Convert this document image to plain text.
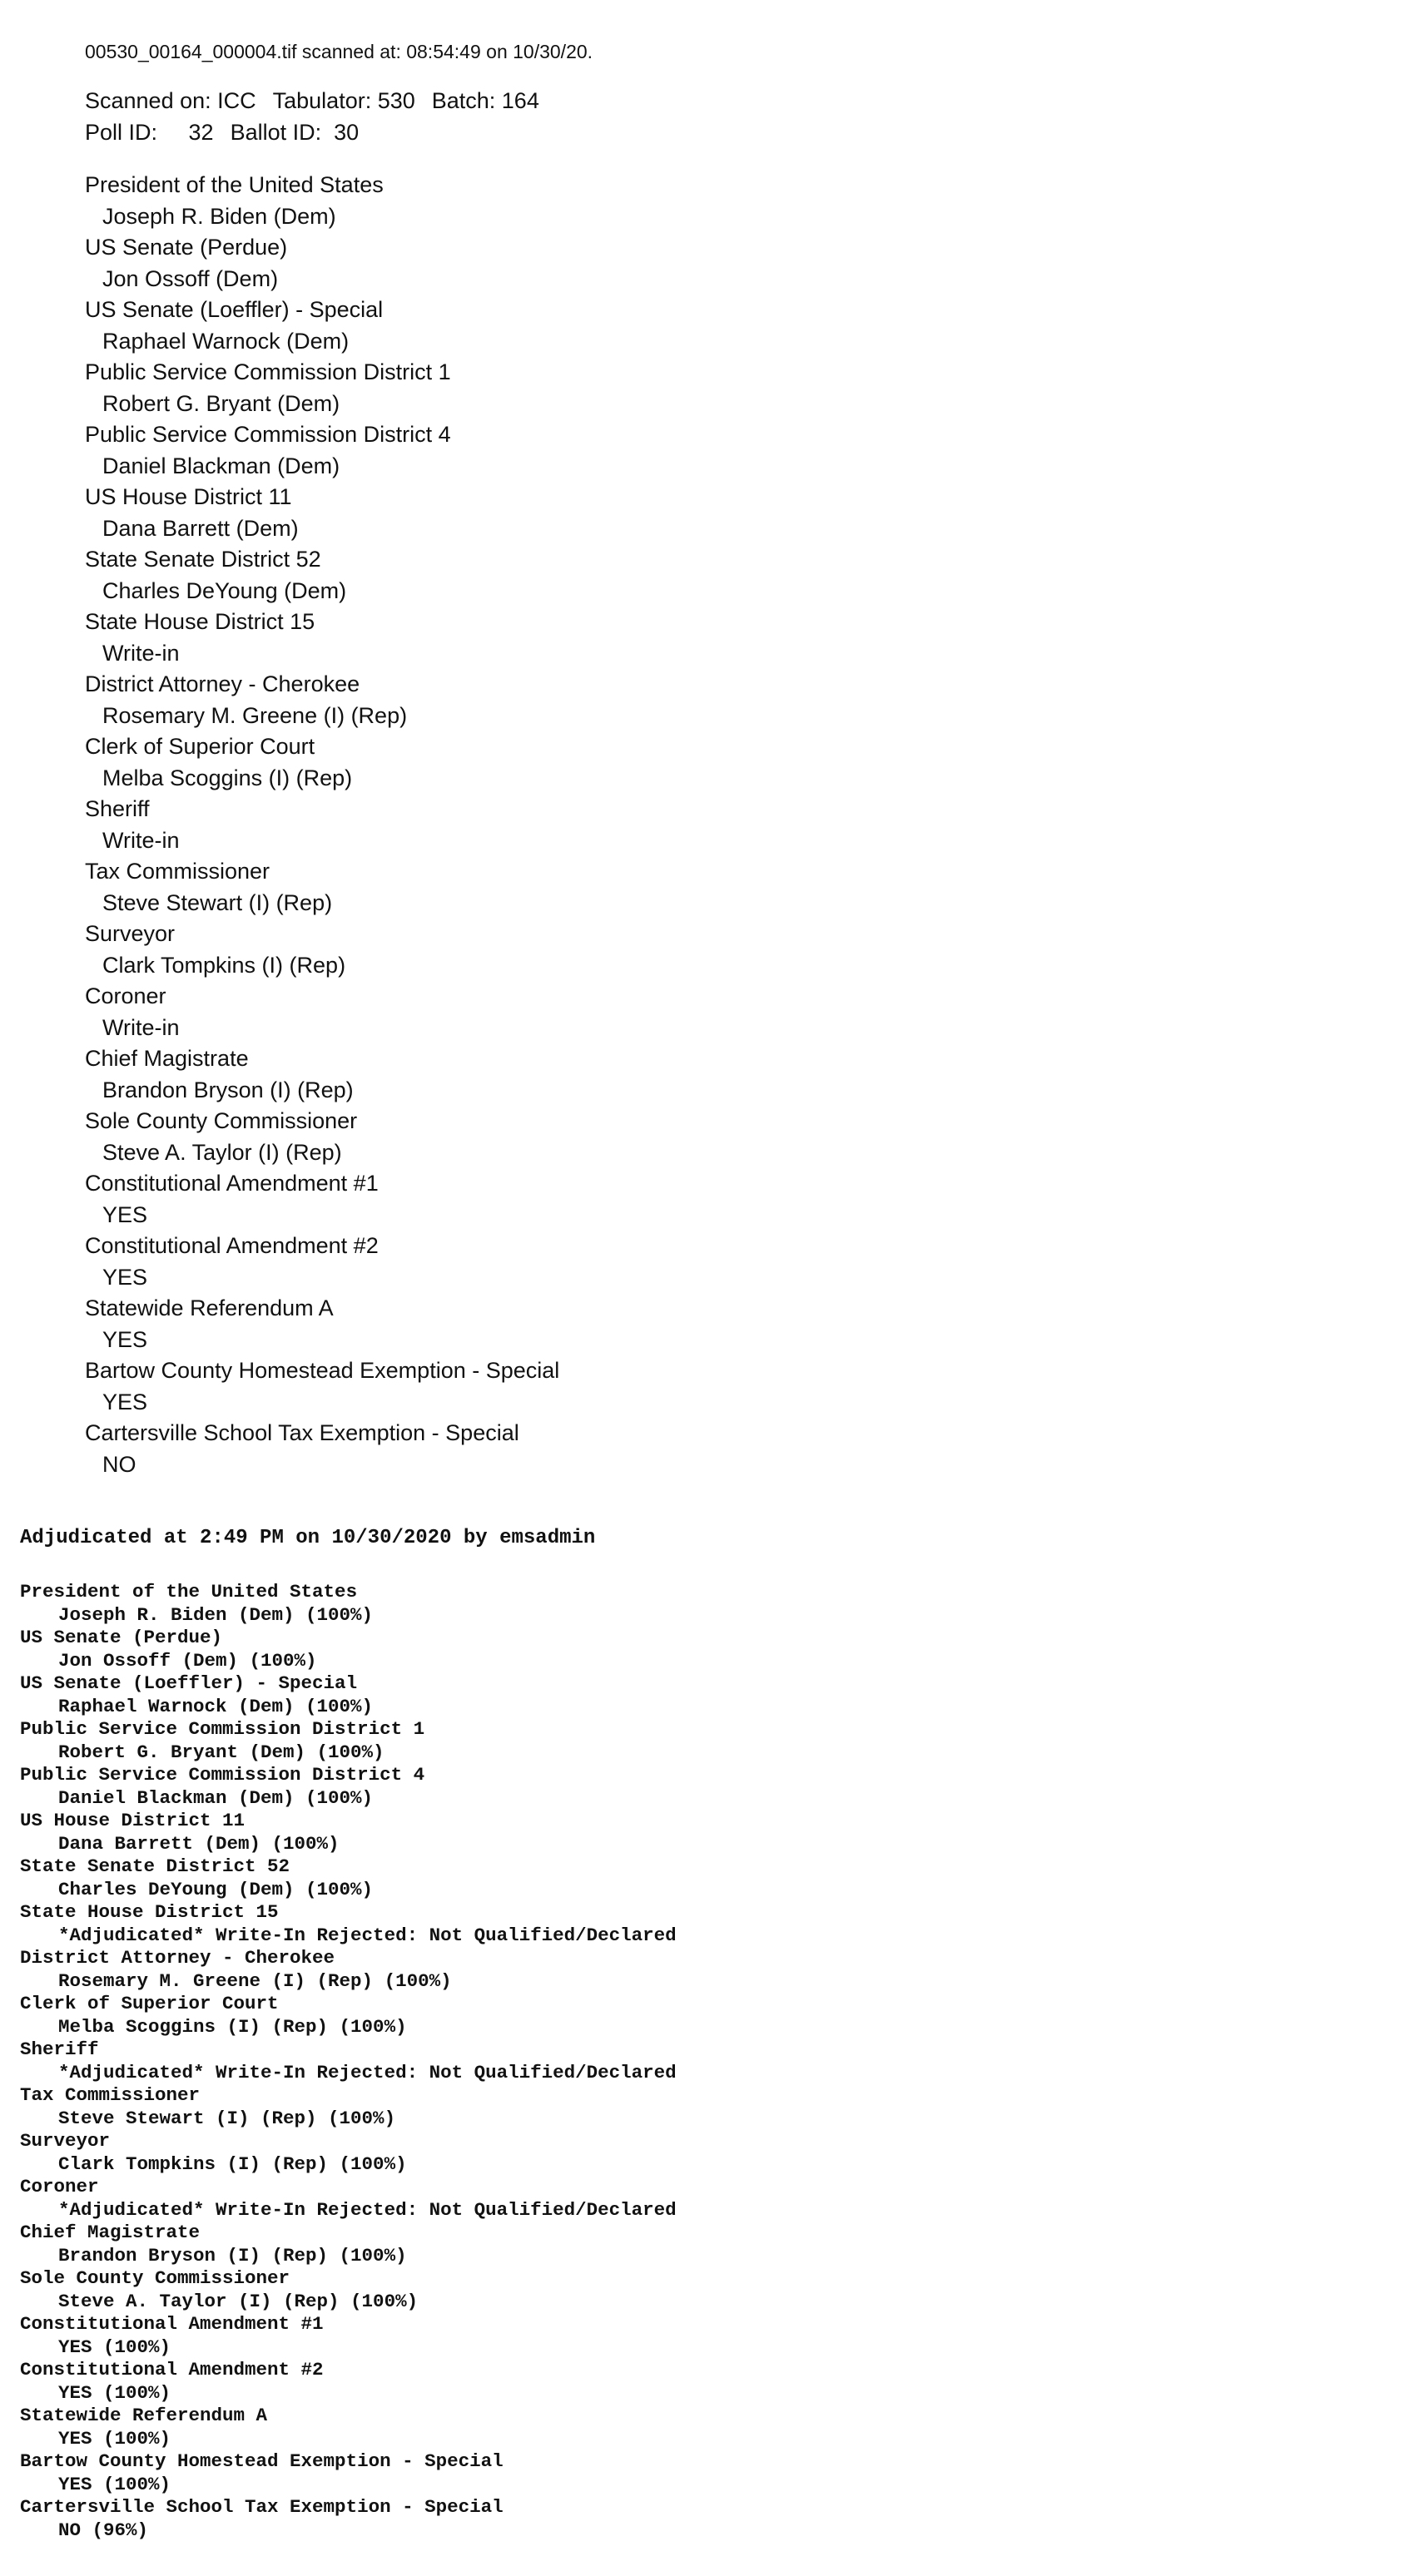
00530_00164_000004.tif scanned at: 08:54:49 on 10/30/20.
Scanned on: ICC Tabulator: 530 Batch: 164
Poll ID:     32 Ballot ID:  30
President of the United States
Joseph R. Biden (Dem)
US Senate (Perdue)
Jon Ossoff (Dem)
US Senate (Loeffler) - Special
Raphael Warnock (Dem)
Public Service Commission District 1
Robert G. Bryant (Dem)
Public Service Commission District 4
Daniel Blackman (Dem)
US House District 11
Dana Barrett (Dem)
State Senate District 52
Charles DeYoung (Dem)
State House District 15
Write-in
District Attorney - Cherokee
Rosemary M. Greene (I) (Rep)
Clerk of Superior Court
Melba Scoggins (I) (Rep)
Sheriff
Write-in
Tax Commissioner
Steve Stewart (I) (Rep)
Surveyor
Clark Tompkins (I) (Rep)
Coroner
Write-in
Chief Magistrate
Brandon Bryson (I) (Rep)
Sole County Commissioner
Steve A. Taylor (I) (Rep)
Constitutional Amendment #1
YES
Constitutional Amendment #2
YES
Statewide Referendum A
YES
Bartow County Homestead Exemption - Special
YES
Cartersville School Tax Exemption - Special
NO
Adjudicated at 2:49 PM on 10/30/2020 by emsadmin
President of the United States
Joseph R. Biden (Dem) (100%)
US Senate (Perdue)
Jon Ossoff (Dem) (100%)
US Senate (Loeffler) - Special
Raphael Warnock (Dem) (100%)
Public Service Commission District 1
Robert G. Bryant (Dem) (100%)
Public Service Commission District 4
Daniel Blackman (Dem) (100%)
US House District 11
Dana Barrett (Dem) (100%)
State Senate District 52
Charles DeYoung (Dem) (100%)
State House District 15
*Adjudicated* Write-In Rejected: Not Qualified/Declared
District Attorney - Cherokee
Rosemary M. Greene (I) (Rep) (100%)
Clerk of Superior Court
Melba Scoggins (I) (Rep) (100%)
Sheriff
*Adjudicated* Write-In Rejected: Not Qualified/Declared
Tax Commissioner
Steve Stewart (I) (Rep) (100%)
Surveyor
Clark Tompkins (I) (Rep) (100%)
Coroner
*Adjudicated* Write-In Rejected: Not Qualified/Declared
Chief Magistrate
Brandon Bryson (I) (Rep) (100%)
Sole County Commissioner
Steve A. Taylor (I) (Rep) (100%)
Constitutional Amendment #1
YES (100%)
Constitutional Amendment #2
YES (100%)
Statewide Referendum A
YES (100%)
Bartow County Homestead Exemption - Special
YES (100%)
Cartersville School Tax Exemption - Special
NO (96%)
